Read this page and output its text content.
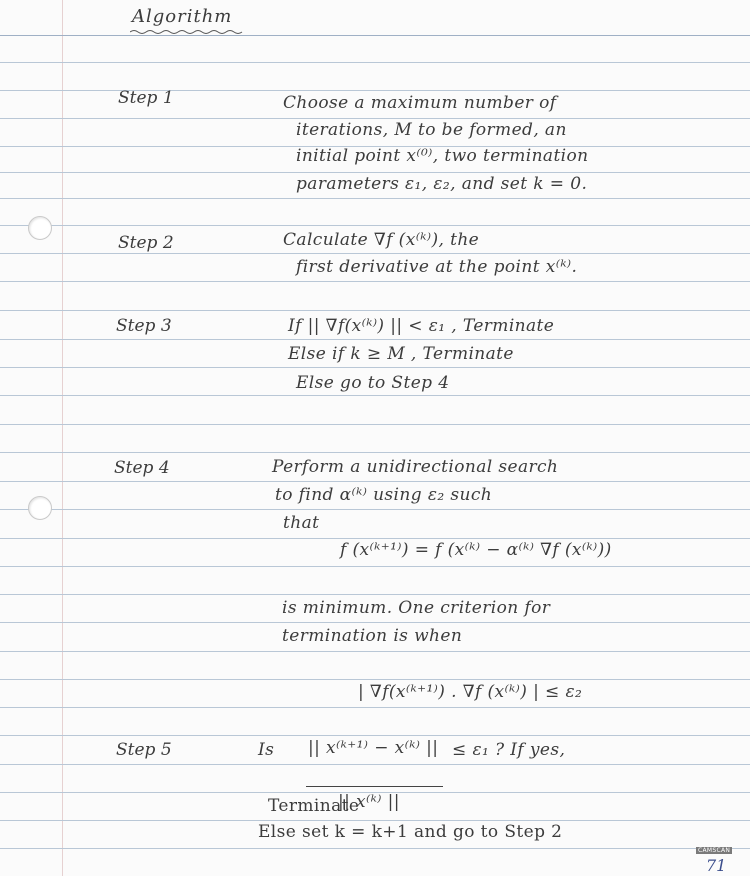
Algorithm
Step 1	Choose a maximum number of
iterations, M to be formed, an
initial point x⁽⁰⁾, two termination
parameters ε₁, ε₂, and set k = 0.
Step 2	Calculate ∇f (x⁽ᵏ⁾), the
first derivative at the point x⁽ᵏ⁾.
Step 3	If || ∇f(x⁽ᵏ⁾) || < ε₁ , Terminate
Else if k ≥ M , Terminate
Else go to Step 4
Step 4	Perform a unidirectional search
to find α⁽ᵏ⁾ using ε₂ such
that
f (x⁽ᵏ⁺¹⁾) = f (x⁽ᵏ⁾ − α⁽ᵏ⁾ ∇f (x⁽ᵏ⁾))
is minimum. One criterion for
termination is when
| ∇f(x⁽ᵏ⁺¹⁾) . ∇f (x⁽ᵏ⁾) | ≤ ε₂
Step 5	Is || x⁽ᵏ⁺¹⁾ − x⁽ᵏ⁾ || ≤ ε₁ ? If yes,
|| x⁽ᵏ⁾ ||
Terminate
Else set k = k+1 and go to Step 2
CAMSCAN
71
